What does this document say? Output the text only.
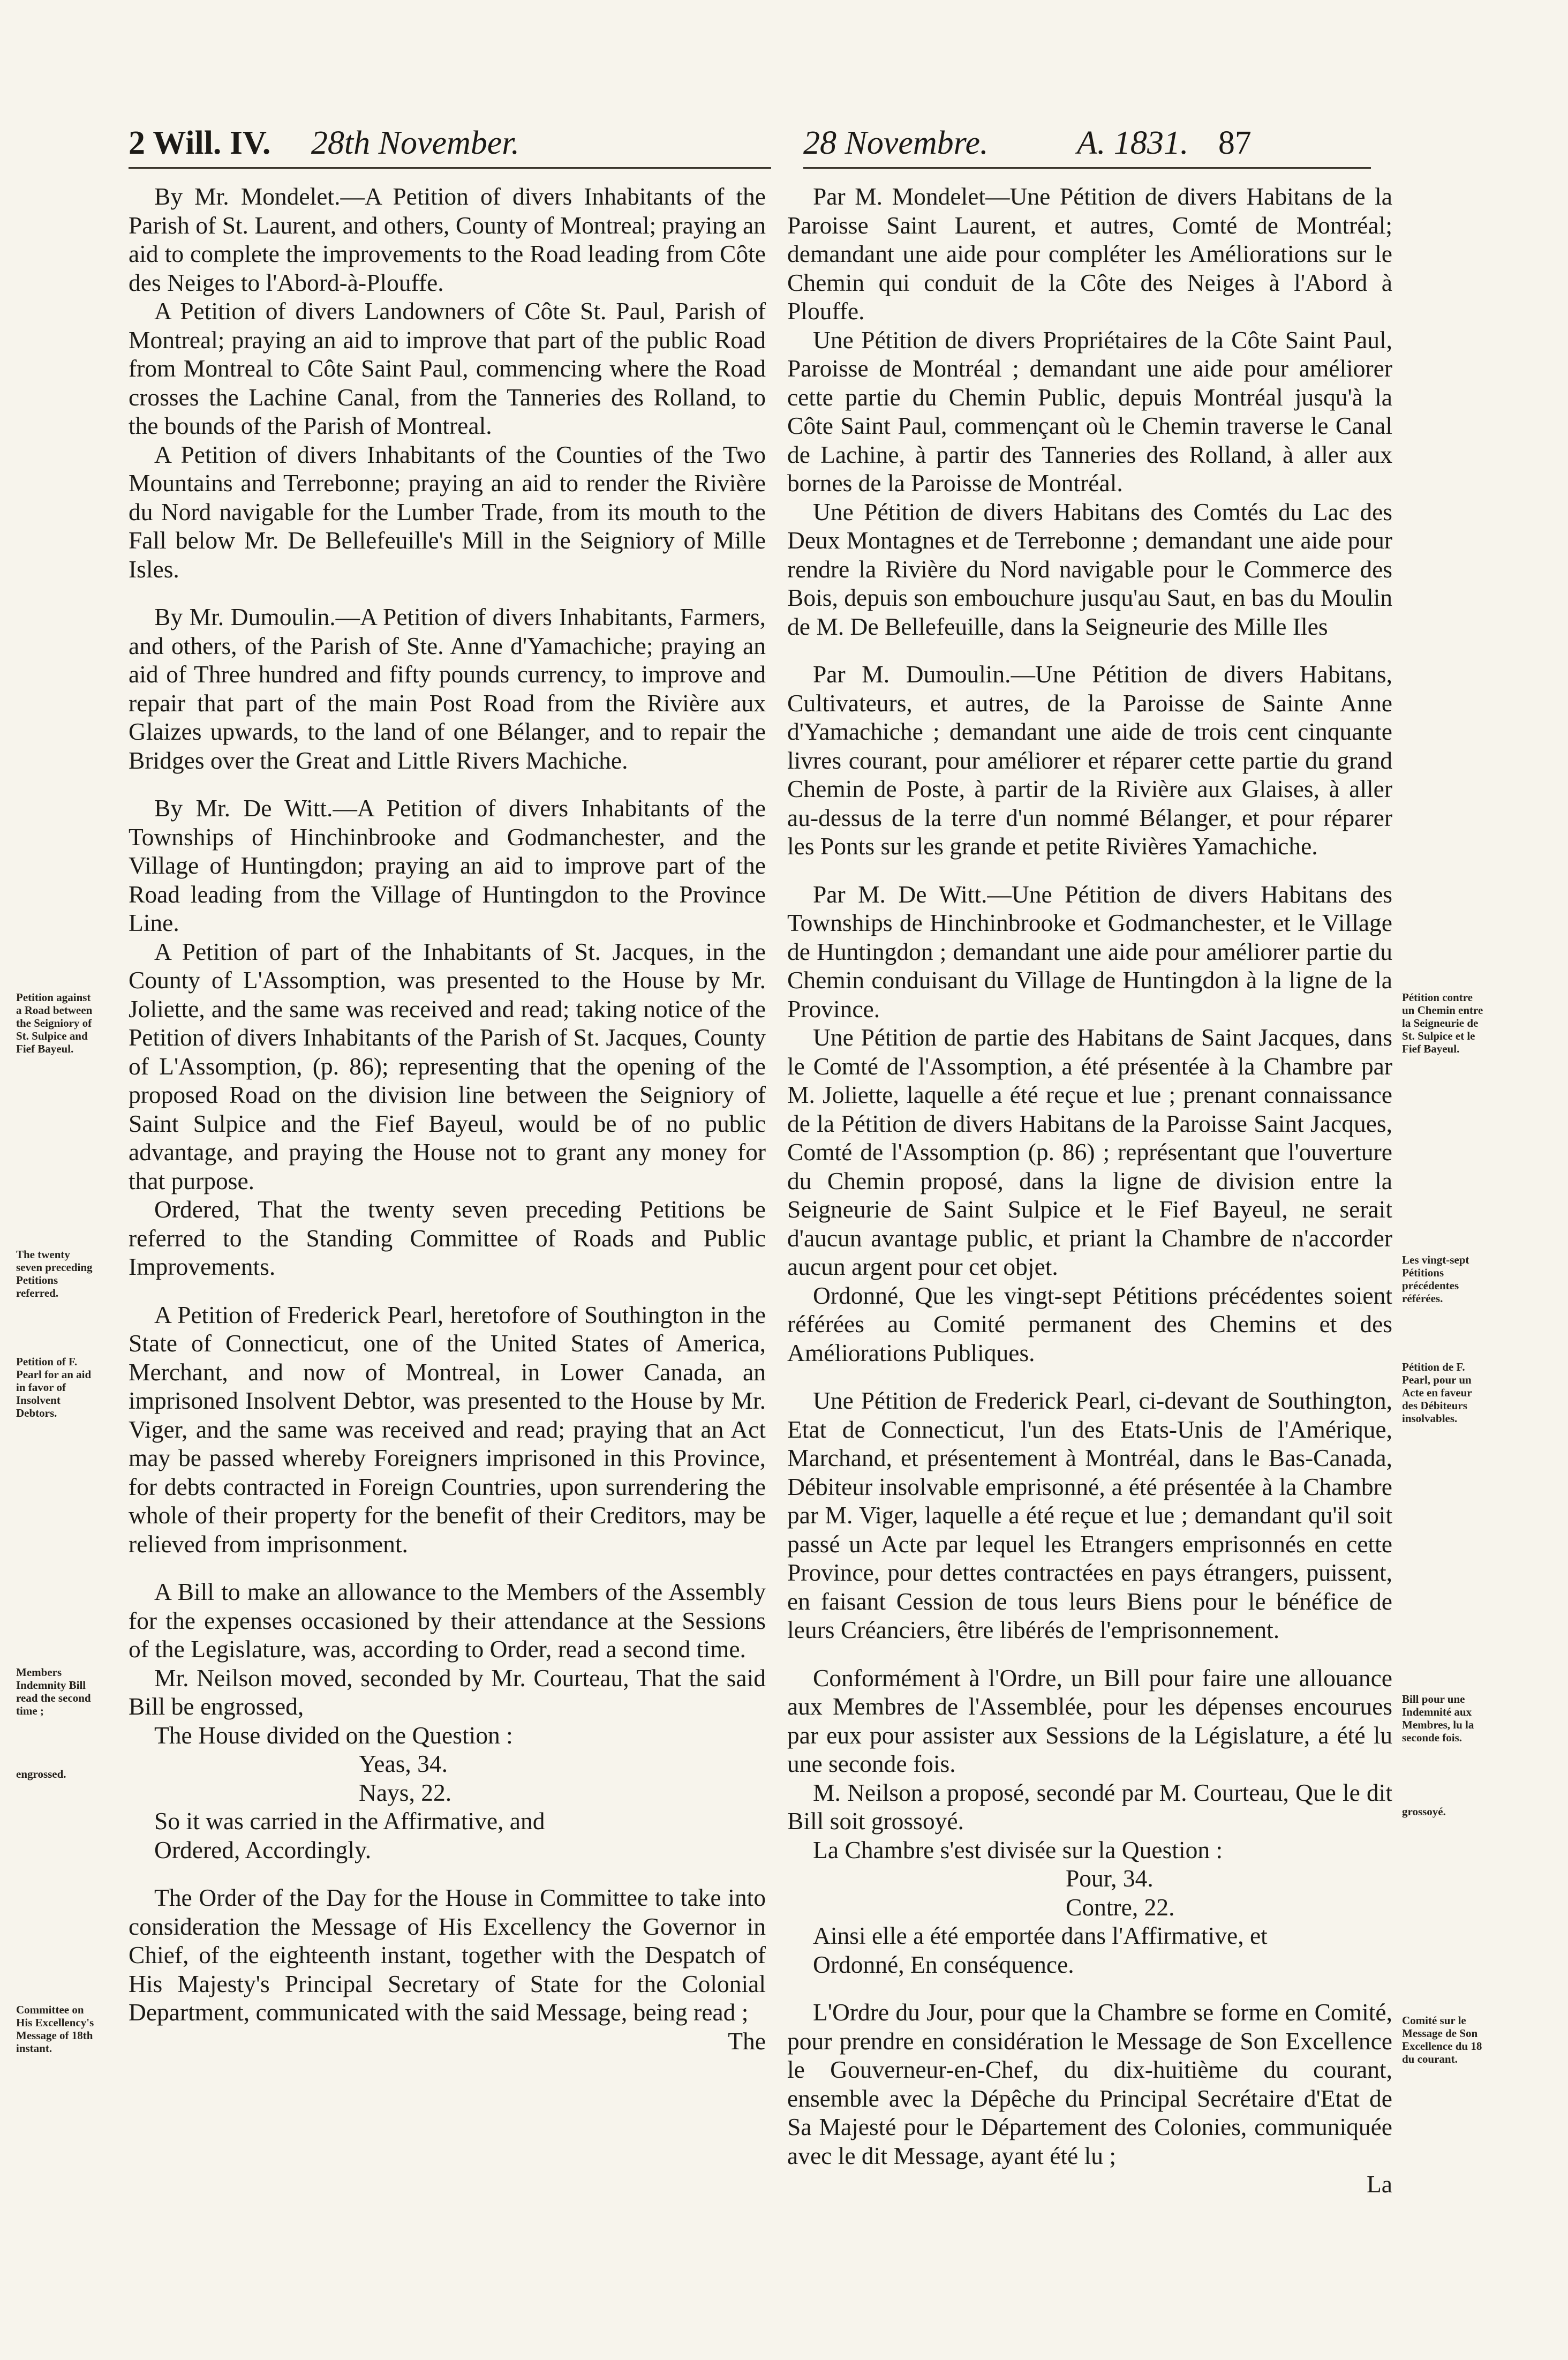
2 Will. IV. 28th November.	28 Novembre.	A. 1831. 87

By Mr. Mondelet.—A Petition of divers Inhabitants of the Parish of St. Laurent, and others, County of Montreal; praying an aid to complete the improvements to the Road leading from Côte des Neiges to l'Abord-à-Plouffe.

A Petition of divers Landowners of Côte St. Paul, Parish of Montreal; praying an aid to improve that part of the public Road from Montreal to Côte Saint Paul, commencing where the Road crosses the Lachine Canal, from the Tanneries des Rolland, to the bounds of the Parish of Montreal.

A Petition of divers Inhabitants of the Counties of the Two Mountains and Terrebonne; praying an aid to render the Rivière du Nord navigable for the Lumber Trade, from its mouth to the Fall below Mr. De Bellefeuille's Mill in the Seigniory of Mille Isles.

By Mr. Dumoulin.—A Petition of divers Inhabitants, Farmers, and others, of the Parish of Ste. Anne d'Yamachiche; praying an aid of Three hundred and fifty pounds currency, to improve and repair that part of the main Post Road from the Rivière aux Glaizes upwards, to the land of one Bélanger, and to repair the Bridges over the Great and Little Rivers Machiche.

By Mr. De Witt.—A Petition of divers Inhabitants of the Townships of Hinchinbrooke and Godmanchester, and the Village of Huntingdon; praying an aid to improve part of the Road leading from the Village of Huntingdon to the Province Line.

A Petition of part of the Inhabitants of St. Jacques, in the County of L'Assomption, was presented to the House by Mr. Joliette, and the same was received and read; taking notice of the Petition of divers Inhabitants of the Parish of St. Jacques, County of L'Assomption, (p. 86); representing that the opening of the proposed Road on the division line between the Seigniory of Saint Sulpice and the Fief Bayeul, would be of no public advantage, and praying the House not to grant any money for that purpose.

Ordered, That the twenty seven preceding Petitions be referred to the Standing Committee of Roads and Public Improvements.

A Petition of Frederick Pearl, heretofore of Southington in the State of Connecticut, one of the United States of America, Merchant, and now of Montreal, in Lower Canada, an imprisoned Insolvent Debtor, was presented to the House by Mr. Viger, and the same was received and read; praying that an Act may be passed whereby Foreigners imprisoned in this Province, for debts contracted in Foreign Countries, upon surrendering the whole of their property for the benefit of their Creditors, may be relieved from imprisonment.

A Bill to make an allowance to the Members of the Assembly for the expenses occasioned by their attendance at the Sessions of the Legislature, was, according to Order, read a second time.

Mr. Neilson moved, seconded by Mr. Courteau, That the said Bill be engrossed,

The House divided on the Question :

Yeas, 34.

Nays, 22.

So it was carried in the Affirmative, and

Ordered, Accordingly.

The Order of the Day for the House in Committee to take into consideration the Message of His Excellency the Governor in Chief, of the eighteenth instant, together with the Despatch of His Majesty's Principal Secretary of State for the Colonial Department, communicated with the said Message, being read ;

The

Par M. Mondelet—Une Pétition de divers Habitans de la Paroisse Saint Laurent, et autres, Comté de Montréal; demandant une aide pour compléter les Améliorations sur le Chemin qui conduit de la Côte des Neiges à l'Abord à Plouffe.

Une Pétition de divers Propriétaires de la Côte Saint Paul, Paroisse de Montréal ; demandant une aide pour améliorer cette partie du Chemin Public, depuis Montréal jusqu'à la Côte Saint Paul, commençant où le Chemin traverse le Canal de Lachine, à partir des Tanneries des Rolland, à aller aux bornes de la Paroisse de Montréal.

Une Pétition de divers Habitans des Comtés du Lac des Deux Montagnes et de Terrebonne ; demandant une aide pour rendre la Rivière du Nord navigable pour le Commerce des Bois, depuis son embouchure jusqu'au Saut, en bas du Moulin de M. De Bellefeuille, dans la Seigneurie des Mille Iles

Par M. Dumoulin.—Une Pétition de divers Habitans, Cultivateurs, et autres, de la Paroisse de Sainte Anne d'Yamachiche ; demandant une aide de trois cent cinquante livres courant, pour améliorer et réparer cette partie du grand Chemin de Poste, à partir de la Rivière aux Glaises, à aller au-dessus de la terre d'un nommé Bélanger, et pour réparer les Ponts sur les grande et petite Rivières Yamachiche.

Par M. De Witt.—Une Pétition de divers Habitans des Townships de Hinchinbrooke et Godmanchester, et le Village de Huntingdon ; demandant une aide pour améliorer partie du Chemin conduisant du Village de Huntingdon à la ligne de la Province.

Une Pétition de partie des Habitans de Saint Jacques, dans le Comté de l'Assomption, a été présentée à la Chambre par M. Joliette, laquelle a été reçue et lue ; prenant connaissance de la Pétition de divers Habitans de la Paroisse Saint Jacques, Comté de l'Assomption (p. 86) ; représentant que l'ouverture du Chemin proposé, dans la ligne de division entre la Seigneurie de Saint Sulpice et le Fief Bayeul, ne serait d'aucun avantage public, et priant la Chambre de n'accorder aucun argent pour cet objet.

Ordonné, Que les vingt-sept Pétitions précédentes soient référées au Comité permanent des Chemins et des Améliorations Publiques.

Une Pétition de Frederick Pearl, ci-devant de Southington, Etat de Connecticut, l'un des Etats-Unis de l'Amérique, Marchand, et présentement à Montréal, dans le Bas-Canada, Débiteur insolvable emprisonné, a été présentée à la Chambre par M. Viger, laquelle a été reçue et lue ; demandant qu'il soit passé un Acte par lequel les Etrangers emprisonnés en cette Province, pour dettes contractées en pays étrangers, puissent, en faisant Cession de tous leurs Biens pour le bénéfice de leurs Créanciers, être libérés de l'emprisonnement.

Conformément à l'Ordre, un Bill pour faire une allouance aux Membres de l'Assemblée, pour les dépenses encourues par eux pour assister aux Sessions de la Législature, a été lu une seconde fois.

M. Neilson a proposé, secondé par M. Courteau, Que le dit Bill soit grossoyé.

La Chambre s'est divisée sur la Question :

Pour, 34.

Contre, 22.

Ainsi elle a été emportée dans l'Affirmative, et

Ordonné, En conséquence.

L'Ordre du Jour, pour que la Chambre se forme en Comité, pour prendre en considération le Message de Son Excellence le Gouverneur-en-Chef, du dix-huitième du courant, ensemble avec la Dépêche du Principal Secrétaire d'Etat de Sa Majesté pour le Département des Colonies, communiquée avec le dit Message, ayant été lu ;

La

Petition against a Road between the Seigniory of St. Sulpice and Fief Bayeul.
The twenty seven preceding Petitions referred.
Petition of F. Pearl for an aid in favor of Insolvent Debtors.
Members Indemnity Bill read the second time ;
engrossed.
Committee on His Excellency's Message of 18th instant.
Pétition contre un Chemin entre la Seigneurie de St. Sulpice et le Fief Bayeul.
Les vingt-sept Pétitions précédentes référées.
Pétition de F. Pearl, pour un Acte en faveur des Débiteurs insolvables.
Bill pour une Indemnité aux Membres, lu la seconde fois.
grossoyé.
Comité sur le Message de Son Excellence du 18 du courant.
